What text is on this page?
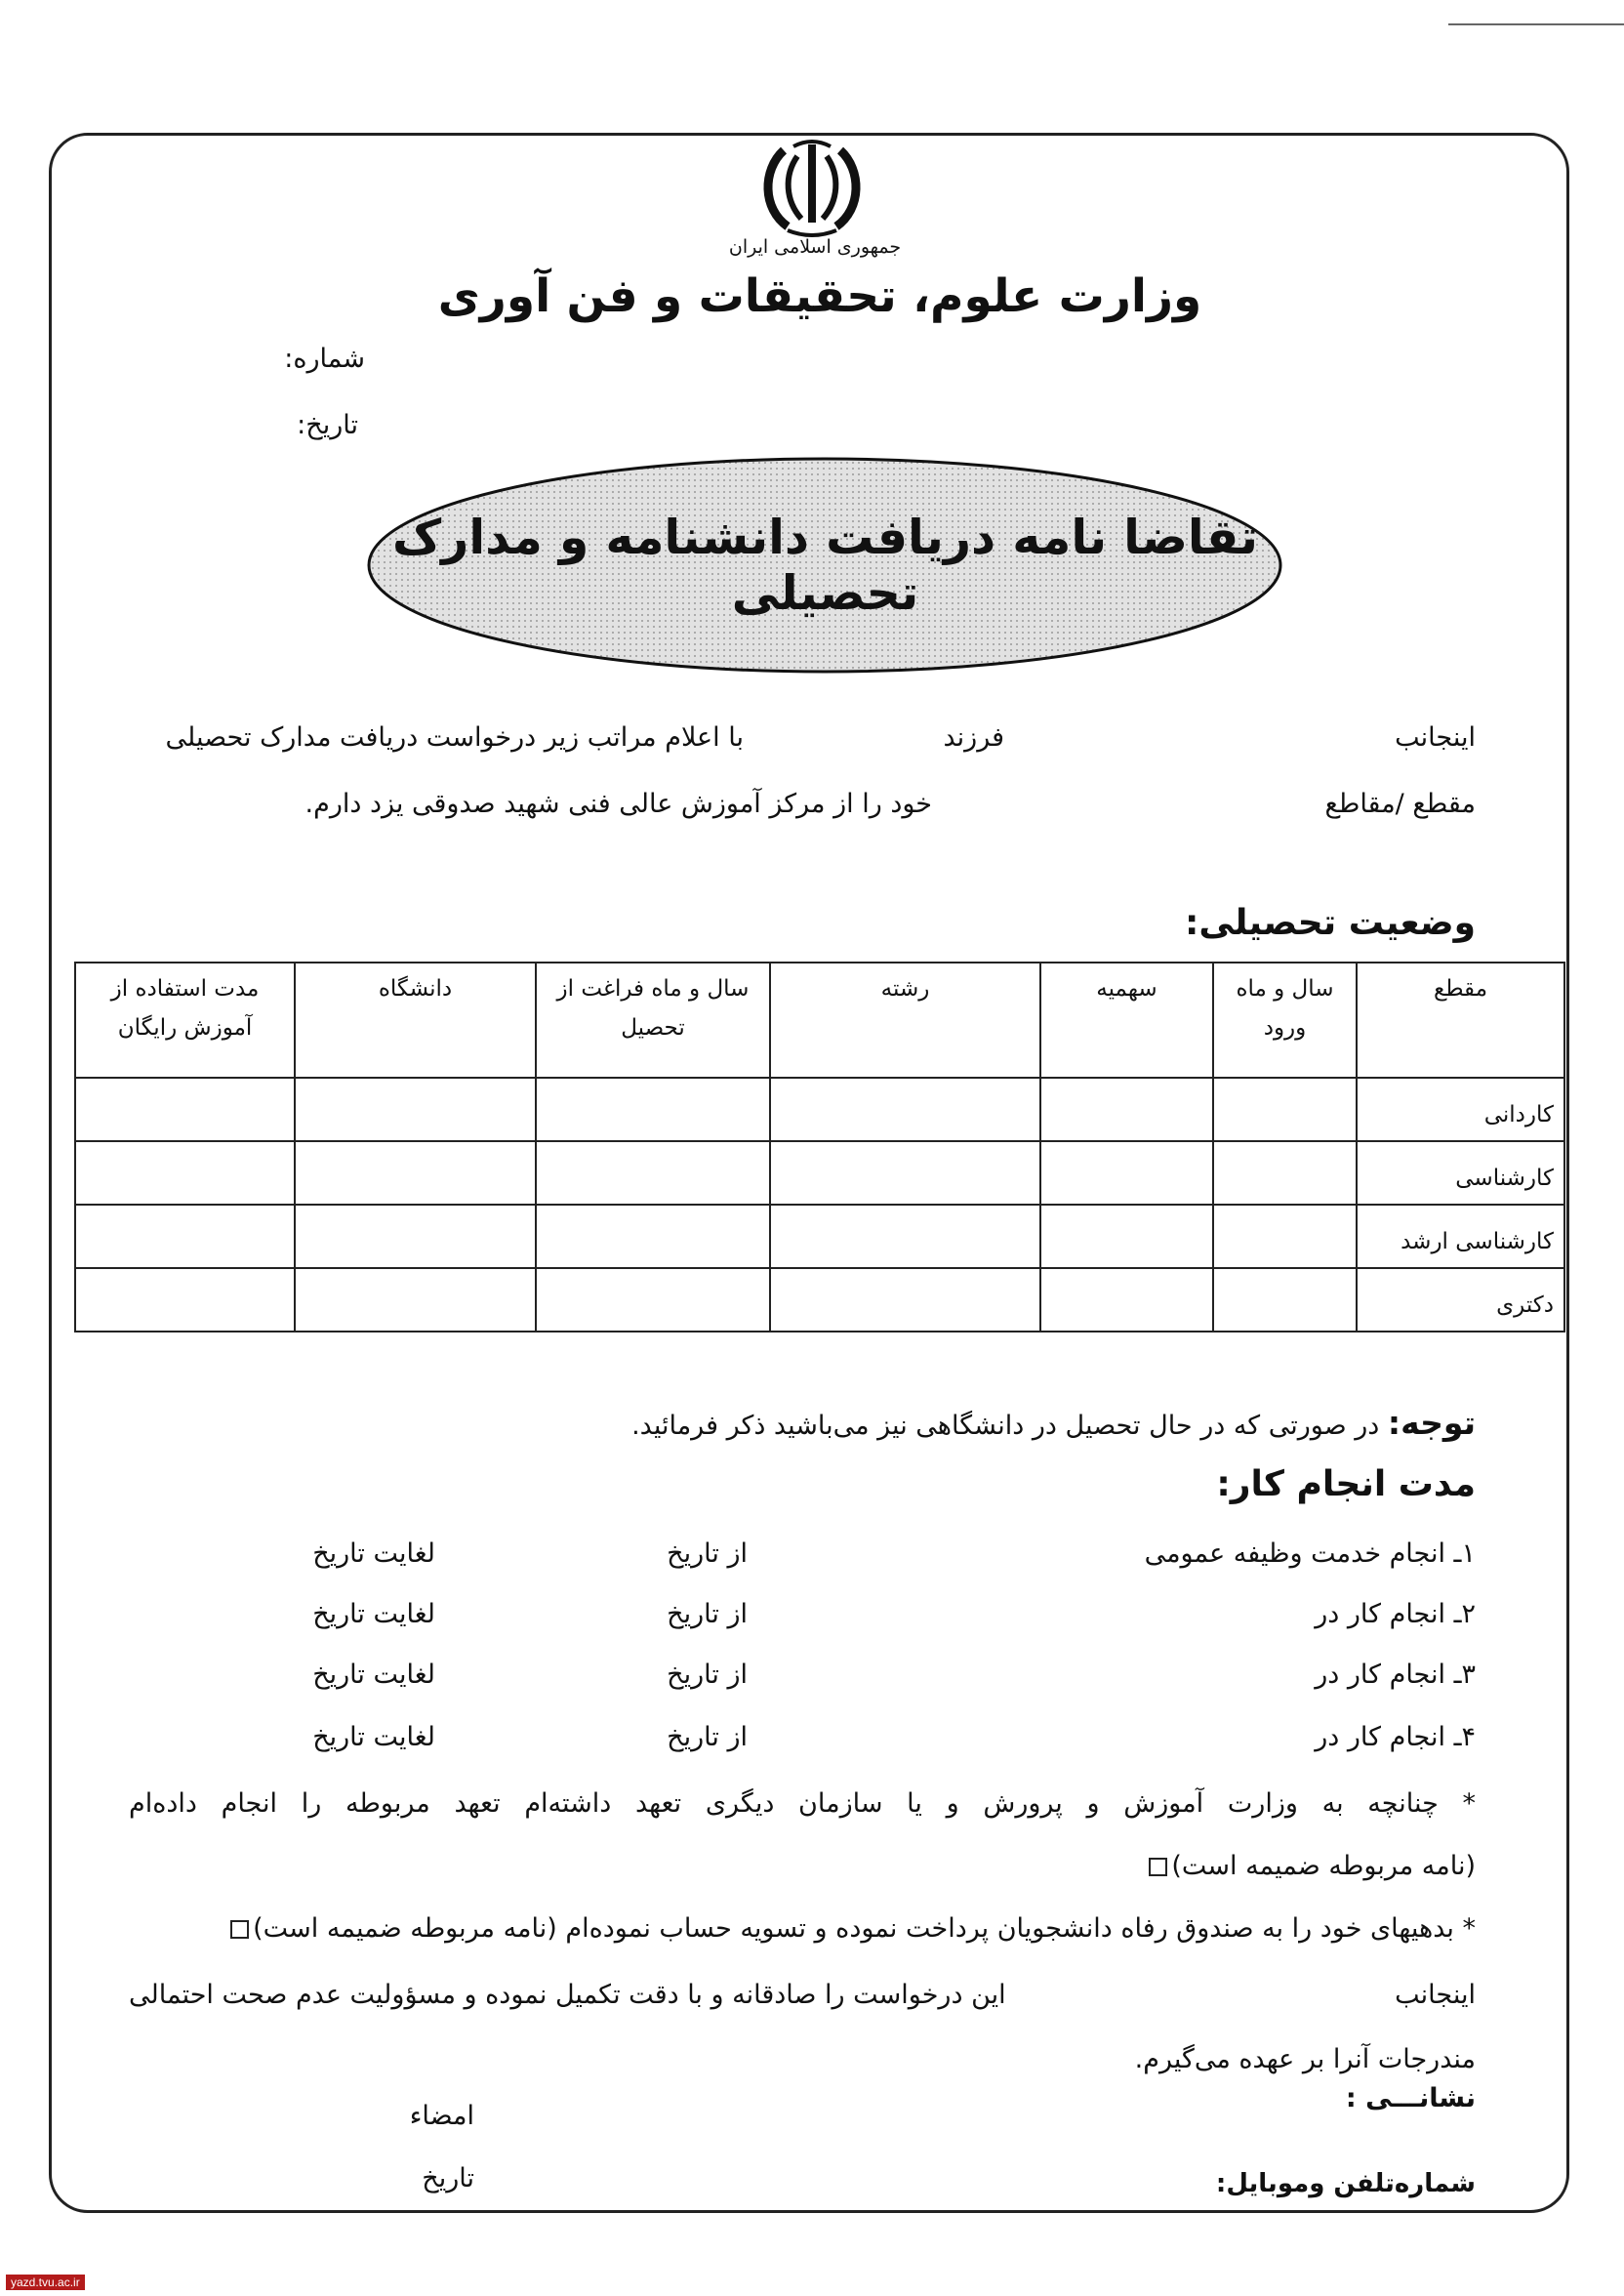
جمهوری اسلامی ایران
وزارت علوم، تحقیقات و فن آوری
شماره:
تاریخ:
تقاضا نامه دریافت دانشنامه و مدارک تحصیلی
اینجانب
فرزند
با اعلام مراتب زیر درخواست دریافت مدارک تحصیلی
مقطع /مقاطع
خود را از مرکز آموزش عالی فنی شهید صدوقی یزد دارم.
وضعیت تحصیلی:
مقطع	سال و ماه ورود	سهمیه	رشته	سال و ماه فراغت از تحصیل	دانشگاه	مدت استفاده از آموزش رایگان
کاردانی						
کارشناسی						
کارشناسی ارشد						
دکتری						
توجه: در صورتی که در حال تحصیل در دانشگاهی نیز می‌باشید ذکر فرمائید.
مدت انجام کار:
۱ـ انجام خدمت وظیفه عمومی
از تاریخ
لغایت تاریخ
۲ـ انجام کار در
از تاریخ
لغایت تاریخ
۳ـ انجام کار در
از تاریخ
لغایت تاریخ
۴ـ انجام کار در
از تاریخ
لغایت تاریخ
* چنانچه به وزارت آموزش و پرورش و یا سازمان دیگری تعهد داشته‌ام تعهد مربوطه را انجام داده‌ام
(نامه مربوطه ضمیمه است)
* بدهیهای خود را به صندوق رفاه دانشجویان پرداخت نموده و تسویه حساب نموده‌ام (نامه مربوطه ضمیمه است)
اینجانب
این درخواست را صادقانه و با دقت تکمیل نموده و مسؤولیت عدم صحت احتمالی
مندرجات آنرا بر عهده می‌گیرم.
نشانـــی :
امضاء
تاریخ	شماره‌تلفن وموبایل:
yazd.tvu.ac.ir
